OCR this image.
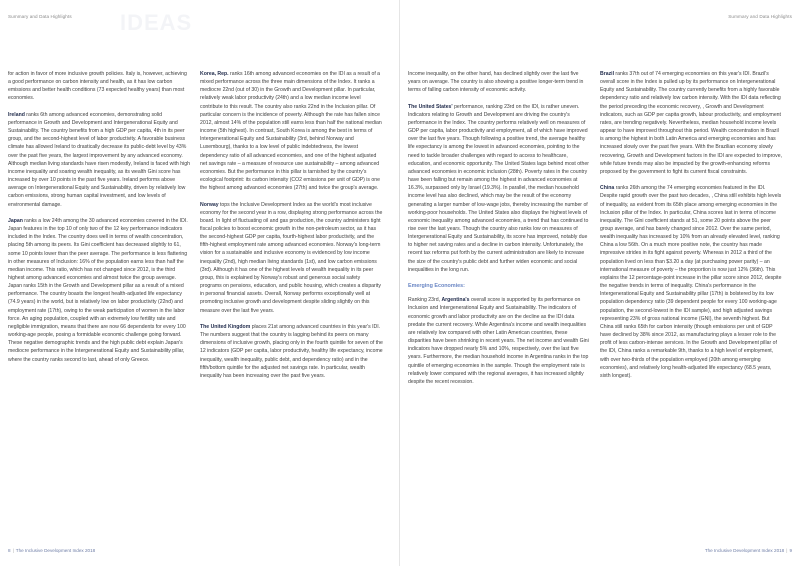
Summary and Data Highlights IDEAS

for action in favor of more inclusive growth policies. Italy is, however, achieving a good performance on carbon intensity and health, as it has low carbon emissions and better health conditions (73 expected healthy years) than most economies.

Ireland ranks 6th among advanced economies, demonstrating solid performance in Growth and Development and Intergenerational Equity and Sustainability. The country benefits from a high GDP per capita, 4th in its peer group, and the second-highest level of labor productivity. A favorable business climate has allowed Ireland to drastically decrease its public-debt level by 43% over the past five years, the largest improvement by any advanced economy. Although median living standards have risen modestly, Ireland is faced with high income inequality and soaring wealth inequality, as its wealth Gini score has increased by over 10 points in the past five years. Ireland performs above average on Intergenerational Equity and Sustainability, driven by relatively low carbon emissions, strong human capital investment, and low levels of environmental damage.

Japan ranks a low 24th among the 30 advanced economies covered in the IDI. Japan features in the top 10 of only two of the 12 key performance indicators included in the Index. The country does well in terms of wealth concentration, placing 5th among its peers. Its Gini coefficient has decreased slightly to 61, some 10 points lower than the peer average. The performance is less flattering in other measures of Inclusion: 16% of the population earns less than half the median income. This ratio, which has not changed since 2012, is the third highest among advanced economies and almost twice the group average. Japan ranks 15th in the Growth and Development pillar as a result of a mixed performance. The country boasts the longest health-adjusted life expectancy (74.9 years) in the world, but is relatively low on labor productivity (22nd) and employment rate (17th), owing to the weak participation of women in the labor force. An aging population, coupled with an extremely low fertility rate and negligible immigration, means that there are now 66 dependents for every 100 working-age people, posing a formidable economic challenge going forward. These negative demographic trends and the high public debt explain Japan's mediocre performance in the Intergenerational Equity and Sustainability pillar, where the country ranks second to last, ahead of only Greece.

Korea, Rep. ranks 16th among advanced economies on the IDI as a result of a mixed performance across the three main dimensions of the Index. It ranks a mediocre 22nd (out of 30) in the Growth and Development pillar. In particular, relatively weak labor productivity (24th) and a low median income level contribute to this result. The country also ranks 22nd in the Inclusion pillar. Of particular concern is the incidence of poverty. Although the rate has fallen since 2012, almost 14% of the population still earns less than half the national median income (5th highest). In contrast, South Korea is among the best in terms of Intergenerational Equity and Sustainability (3rd, behind Norway and Luxembourg), thanks to a low level of public indebtedness, the lowest dependency ratio of all advanced economies, and one of the highest adjusted net savings rate – a measure of resource use sustainability – among advanced economies. But the performance in this pillar is tarnished by the country's ecological footprint: its carbon intensity (CO2 emissions per unit of GDP) is one the highest among advanced economies (27th) and twice the group's average.

Norway tops the Inclusive Development Index as the world's most inclusive economy for the second year in a row, displaying strong performance across the board. In light of fluctuating oil and gas production, the country administers tight fiscal policies to boost economic growth in the non-petroleum sector, as it has the second-highest GDP per capita, fourth-highest labor productivity, and the fifth-highest employment rate among advanced economies. Norway's long-term vision for a sustainable and inclusive economy is evidenced by low income inequality (2nd), high median living standards (1st), and low carbon emissions (3rd). Although it has one of the highest levels of wealth inequality in its peer group, this is explained by Norway's robust and generous social safety programs on pensions, education, and public housing, which creates a disparity in personal financial assets. Overall, Norway performs exceptionally well at promoting inclusive growth and development despite sliding slightly on this measure over the last five years.

The United Kingdom places 21st among advanced countries in this year's IDI. The numbers suggest that the country is lagging behind its peers on many dimensions of inclusive growth, placing only in the fourth quintile for seven of the 12 indicators (GDP per capita, labor productivity, healthy life expectancy, income inequality, wealth inequality, public debt, and dependency ratio) and in the fifth/bottom quintile for the adjusted net savings rate. In particular, wealth inequality has been increasing over the past five years.

8 | The Inclusive Development Index 2018
Summary and Data Highlights

Income inequality, on the other hand, has declined slightly over the last five years on average. The country is also showing a positive longer-term trend in terms of falling carbon intensity of economic activity.

The United States' performance, ranking 23rd on the IDI, is rather uneven. Indicators relating to Growth and Development are driving the country's performance in the Index. The country performs relatively well on measures of GDP per capita, labor productivity and employment, all of which have improved over the last five years. Though following a positive trend, the average healthy life expectancy is among the lowest in advanced economies, pointing to the need to tackle broader challenges with regard to access to healthcare, education, and economic opportunity. The United States lags behind most other advanced economies in economic inclusion (28th). Poverty rates in the country have been falling but remain among the highest in advanced economies at 16.3%, surpassed only by Israel (19.3%). In parallel, the median household income level has also declined, which may be the result of the economy generating a larger number of low-wage jobs, thereby increasing the number of working-poor households. The United States also displays the highest levels of economic inequality among advanced economies, a trend that has continued to rise over the last years. Though the country also ranks low on measures of Intergenerational Equity and Sustainability, its score has improved, notably due to higher net saving rates and a decline in carbon intensity. Unfortunately, the recent tax reforms put forth by the current administration are likely to increase the size of the country's public debt and further widen economic and social inequalities in the long run.

Emerging Economies:

Ranking 23rd, Argentina's overall score is supported by its performance on Inclusion and Intergenerational Equity and Sustainability. The indicators of economic growth and labor productivity are on the decline as the IDI data predate the current recovery. While Argentina's income and wealth inequalities are relatively low compared with other Latin American countries, these disparities have been shrinking in recent years. The net income and wealth Gini indicators have dropped nearly 5% and 10%, respectively, over the last five years. Furthermore, the median household income in Argentina ranks in the top quintile of emerging economies in the sample. Though the employment rate is relatively lower compared with the regional averages, it has increased slightly despite the recent recession.

Brazil ranks 37th out of 74 emerging economies on this year's IDI. Brazil's overall score in the Index is pulled up by its performance on Intergenerational Equity and Sustainability. The country currently benefits from a highly favorable dependency ratio and relatively low carbon intensity. With the IDI data reflecting the period preceding the economic recovery, , Growth and Development indicators, such as GDP per capita growth, labour productivity, and employment rates, are trending negatively. Nevertheless, median household income levels appear to have improved throughout this period. Wealth concentration in Brazil is among the highest in both Latin America and emerging economies and has increased slowly over the past five years. With the Brazilian economy slowly recovering, Growth and Development factors in the IDI are expected to improve, while future trends may also be impacted by the growth-enhancing reforms proposed by the government to fight its current fiscal constraints.

China ranks 26th among the 74 emerging economies featured in the IDI. Despite rapid growth over the past two decades, , China still exhibits high levels of inequality, as evident from its 65th place among emerging economies in the Inclusion pillar of the Index. In particular, China scores last in terms of income inequality. The Gini coefficient stands at 51, some 20 points above the peer group average, and has barely changed since 2012. Over the same period, wealth inequality has increased by 10% from an already elevated level, ranking China a low 56th. On a much more positive note, the country has made impressive strides in its fight against poverty. Whereas in 2012 a third of the population lived on less than $3.20 a day (at purchasing power parity) – an international measure of poverty – the proportion is now just 12% (36th). This explains the 12 percentage-point increase in the pillar score since 2012, despite the negative trends in terms of inequality. China's performance in the Intergenerational Equity and Sustainability pillar (17th) is bolstered by its low population dependency ratio (39 dependent people for every 100 working-age population, the second-lowest in the IDI sample), and high adjusted savings representing 23% of gross national income (GNI), the seventh highest. But China still ranks 65th for carbon intensity (though emissions per unit of GDP have declined by 38% since 2012, as manufacturing plays a lesser role to the profit of less carbon-intense services. In the Growth and Development pillar of the IDI, China ranks a remarkable 9th, thanks to a high level of employment, with over two-thirds of the population employed (20th among emerging economies), and relatively long health-adjusted life expectancy (68.5 years, sixth longest).

The Inclusive Development Index 2018 | 9
